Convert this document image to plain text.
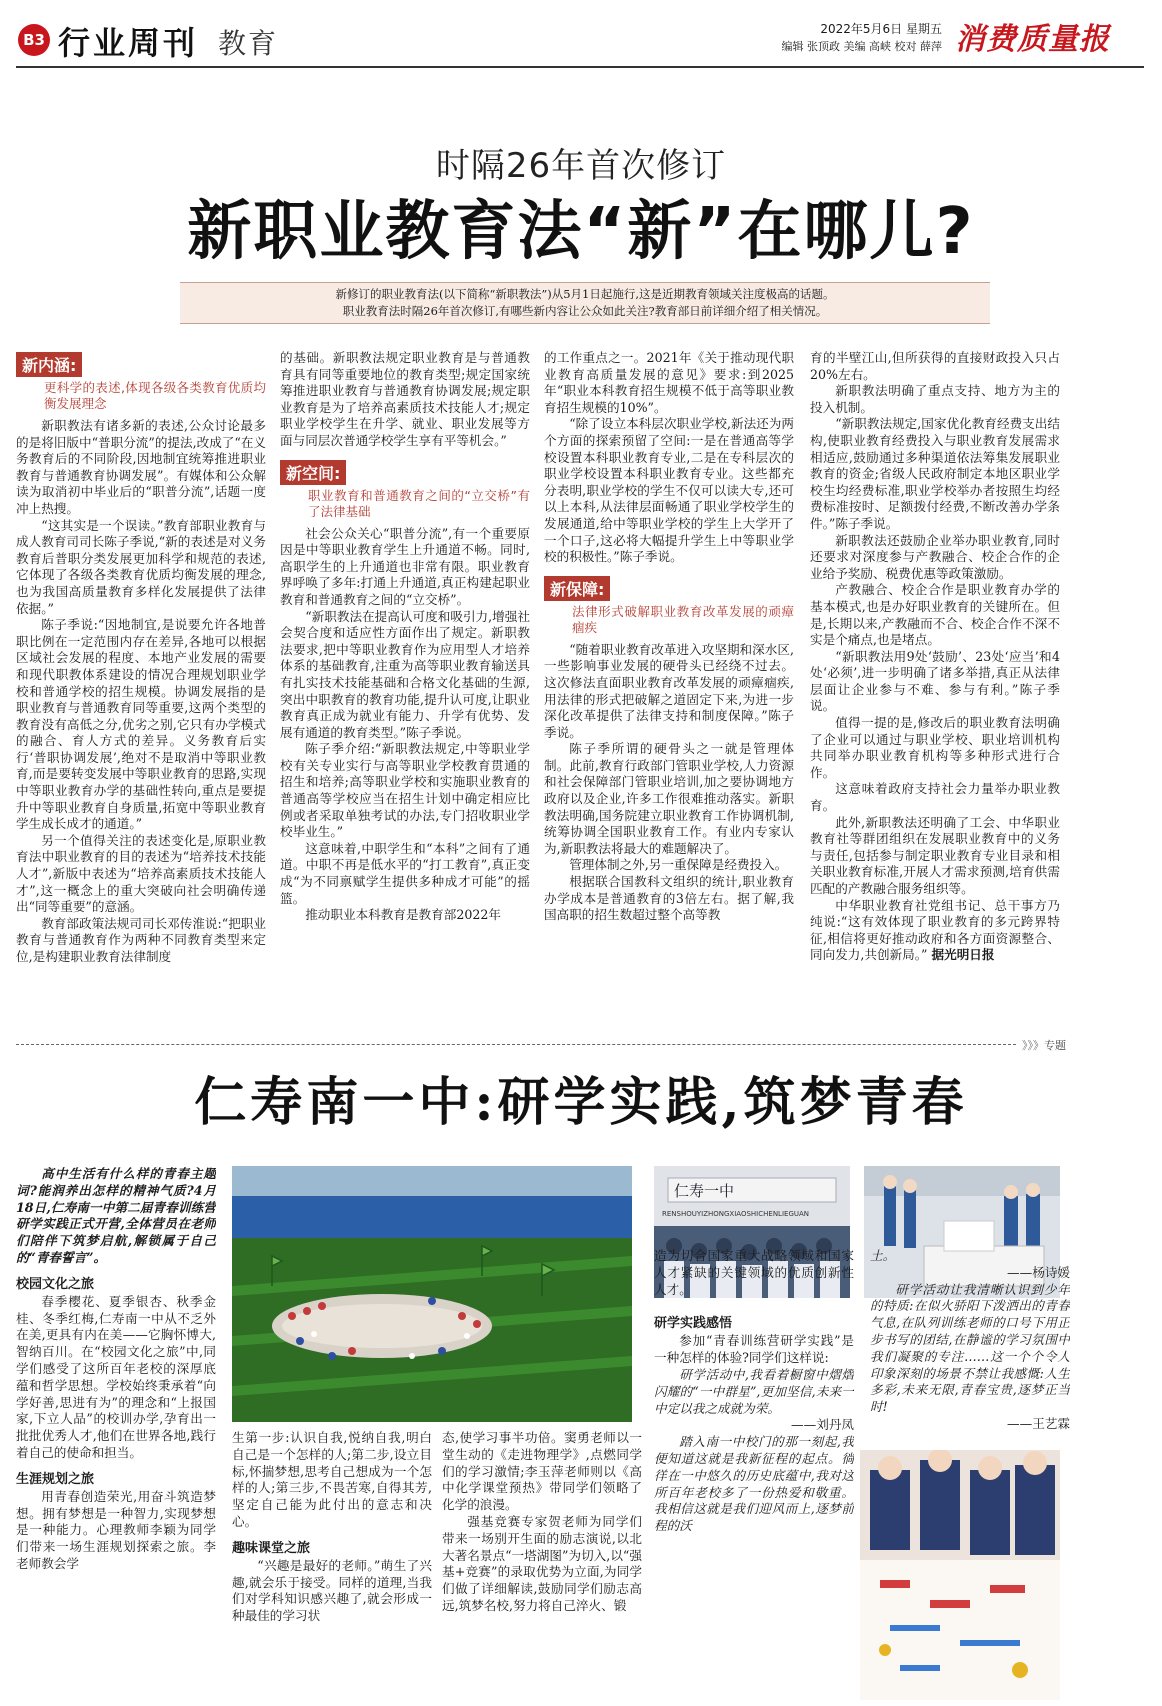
B3 行业周刊 教育	2022年5月6日 星期五
编辑 张顶政 美编 高峡 校对 薛萍 消费质量报
时隔26年首次修订
新职业教育法“新”在哪儿?
新修订的职业教育法(以下简称“新职教法”)从5月1日起施行,这是近期教育领域关注度极高的话题。
职业教育法时隔26年首次修订,有哪些新内容让公众如此关注?教育部日前详细介绍了相关情况。
新内涵:
更科学的表述,体现各级各类教育优质均衡发展理念

新职教法有诸多新的表述,公众讨论最多的是将旧版中“普职分流”的提法,改成了“在义务教育后的不同阶段,因地制宜统筹推进职业教育与普通教育协调发展”。有媒体和公众解读为取消初中毕业后的“职普分流”,话题一度冲上热搜。

“这其实是一个误读。”教育部职业教育与成人教育司司长陈子季说,“新的表述是对义务教育后普职分类发展更加科学和规范的表述,它体现了各级各类教育优质均衡发展的理念,也为我国高质量教育多样化发展提供了法律依据。”

陈子季说:“因地制宜,是说要允许各地普职比例在一定范围内存在差异,各地可以根据区域社会发展的程度、本地产业发展的需要和现代职教体系建设的情况合理规划职业学校和普通学校的招生规模。协调发展指的是职业教育与普通教育同等重要,这两个类型的教育没有高低之分,优劣之别,它只有办学模式的融合、育人方式的差异。义务教育后实行‘普职协调发展’,绝对不是取消中等职业教育,而是要转变发展中等职业教育的思路,实现中等职业教育办学的基础性转向,重点是要提升中等职业教育自身质量,拓宽中等职业教育学生成长成才的通道。”

另一个值得关注的表述变化是,原职业教育法中职业教育的目的表述为“培养技术技能人才”,新版中表述为“培养高素质技术技能人才”,这一概念上的重大突破向社会明确传递出“同等重要”的意涵。

教育部政策法规司司长邓传淮说:“把职业教育与普通教育作为两种不同教育类型来定位,是构建职业教育法律制度

的基础。新职教法规定职业教育是与普通教育具有同等重要地位的教育类型;规定国家统筹推进职业教育与普通教育协调发展;规定职业教育是为了培养高素质技术技能人才;规定职业学校学生在升学、就业、职业发展等方面与同层次普通学校学生享有平等机会。”

新空间:
职业教育和普通教育之间的“立交桥”有了法律基础

社会公众关心“职普分流”,有一个重要原因是中等职业教育学生上升通道不畅。同时,高职学生的上升通道也非常有限。职业教育界呼唤了多年:打通上升通道,真正构建起职业教育和普通教育之间的“立交桥”。

“新职教法在提高认可度和吸引力,增强社会契合度和适应性方面作出了规定。新职教法要求,把中等职业教育作为应用型人才培养体系的基础教育,注重为高等职业教育输送具有扎实技术技能基础和合格文化基础的生源,突出中职教育的教育功能,提升认可度,让职业教育真正成为就业有能力、升学有优势、发展有通道的教育类型。”陈子季说。

陈子季介绍:“新职教法规定,中等职业学校有关专业实行与高等职业学校教育贯通的招生和培养;高等职业学校和实施职业教育的普通高等学校应当在招生计划中确定相应比例或者采取单独考试的办法,专门招收职业学校毕业生。”

这意味着,中职学生和“本科”之间有了通道。中职不再是低水平的“打工教育”,真正变成“为不同禀赋学生提供多种成才可能”的摇篮。

推动职业本科教育是教育部2022年

的工作重点之一。2021年《关于推动现代职业教育高质量发展的意见》要求:到2025年“职业本科教育招生规模不低于高等职业教育招生规模的10%”。

“除了设立本科层次职业学校,新法还为两个方面的探索预留了空间:一是在普通高等学校设置本科职业教育专业,二是在专科层次的职业学校设置本科职业教育专业。这些都充分表明,职业学校的学生不仅可以读大专,还可以上本科,从法律层面畅通了职业学校学生的发展通道,给中等职业学校的学生上大学开了一个口子,这必将大幅提升学生上中等职业学校的积极性。”陈子季说。

新保障:
法律形式破解职业教育改革发展的顽瘴痼疾

“随着职业教育改革进入攻坚期和深水区,一些影响事业发展的硬骨头已经绕不过去。这次修法直面职业教育改革发展的顽瘴痼疾,用法律的形式把破解之道固定下来,为进一步深化改革提供了法律支持和制度保障。”陈子季说。

陈子季所谓的硬骨头之一就是管理体制。此前,教育行政部门管职业学校,人力资源和社会保障部门管职业培训,加之要协调地方政府以及企业,许多工作很难推动落实。新职教法明确,国务院建立职业教育工作协调机制,统筹协调全国职业教育工作。有业内专家认为,新职教法将最大的难题解决了。

管理体制之外,另一重保障是经费投入。

根据联合国教科文组织的统计,职业教育办学成本是普通教育的3倍左右。据了解,我国高职的招生数超过整个高等教

育的半壁江山,但所获得的直接财政投入只占20%左右。

新职教法明确了重点支持、地方为主的投入机制。

“新职教法规定,国家优化教育经费支出结构,使职业教育经费投入与职业教育发展需求相适应,鼓励通过多种渠道依法筹集发展职业教育的资金;省级人民政府制定本地区职业学校生均经费标准,职业学校举办者按照生均经费标准按时、足额拨付经费,不断改善办学条件。”陈子季说。

新职教法还鼓励企业举办职业教育,同时还要求对深度参与产教融合、校企合作的企业给予奖励、税费优惠等政策激励。

产教融合、校企合作是职业教育办学的基本模式,也是办好职业教育的关键所在。但是,长期以来,产教融而不合、校企合作不深不实是个痛点,也是堵点。

“新职教法用9处‘鼓励’、23处‘应当’和4处‘必须’,进一步明确了诸多举措,真正从法律层面让企业参与不难、参与有利。”陈子季说。

值得一提的是,修改后的职业教育法明确了企业可以通过与职业学校、职业培训机构共同举办职业教育机构等多种形式进行合作。

这意味着政府支持社会力量举办职业教育。

此外,新职教法还明确了工会、中华职业教育社等群团组织在发展职业教育中的义务与责任,包括参与制定职业教育专业目录和相关职业教育标准,开展人才需求预测,培育供需匹配的产教融合服务组织等。

中华职业教育社党组书记、总干事方乃纯说:“这有效体现了职业教育的多元跨界特征,相信将更好推动政府和各方面资源整合、同向发力,共创新局。” 据光明日报

》》》专题
仁寿南一中:研学实践,筑梦青春

高中生活有什么样的青春主题词?能润养出怎样的精神气质?4月18日,仁寿南一中第二届青春训练营研学实践正式开营,全体营员在老师们陪伴下筑梦启航,解锁属于自己的“青春誓言”。

校园文化之旅

春季樱花、夏季银杏、秋季金桂、冬季红梅,仁寿南一中从不乏外在美,更具有内在美——它胸怀博大,智纳百川。在“校园文化之旅”中,同学们感受了这所百年老校的深厚底蕴和哲学思想。学校始终秉承着“向学好善,思进有为”的理念和“上报国家,下立人品”的校训办学,孕育出一批批优秀人才,他们在世界各地,践行着自己的使命和担当。

生涯规划之旅

用青春创造荣光,用奋斗筑造梦想。拥有梦想是一种智力,实现梦想是一种能力。心理教师李颖为同学们带来一场生涯规划探索之旅。李老师教会学

仁寿一中
RENSHOUYIZHONGXIAOSHICHENLIEGUAN

生第一步:认识自我,悦纳自我,明白自己是一个怎样的人;第二步,设立目标,怀揣梦想,思考自己想成为一个怎样的人;第三步,不畏苦寒,自得其芳,坚定自己能为此付出的意志和决心。

趣味课堂之旅

“兴趣是最好的老师。”萌生了兴趣,就会乐于接受。同样的道理,当我们对学科知识感兴趣了,就会形成一种最佳的学习状

态,使学习事半功倍。窦勇老师以一堂生动的《走进物理学》,点燃同学们的学习激情;李玉萍老师则以《高中化学课堂预热》带同学们领略了化学的浪漫。

强基竞赛专家贺老师为同学们带来一场别开生面的励志演说,以北大著名景点“一塔湖图”为切入,以“强基+竞赛”的录取优势为立面,为同学们做了详细解读,鼓励同学们励志高远,筑梦名校,努力将自己淬火、锻

造为切合国家重大战略领域和国家人才紧缺的关键领域的优质创新性人才。

研学实践感悟

参加“青春训练营研学实践”是一种怎样的体验?同学们这样说:

研学活动中,我看着橱窗中熠熠闪耀的“一中群星”,更加坚信,未来一中定以我之成就为荣。

——刘丹凤

踏入南一中校门的那一刻起,我便知道这就是我新征程的起点。徜徉在一中悠久的历史底蕴中,我对这所百年老校多了一份热爱和敬重。我相信这就是我们迎风而上,逐梦前程的沃

土。

——杨诗媛

研学活动让我清晰认识到少年的特质:在似火骄阳下泼洒出的青春气息,在队列训练老师的口号下用正步书写的团结,在静谧的学习氛围中我们凝聚的专注……这一个个令人印象深刻的场景不禁让我感慨:人生多彩,未来无限,青春宝贵,逐梦正当时!

——王艺霖
